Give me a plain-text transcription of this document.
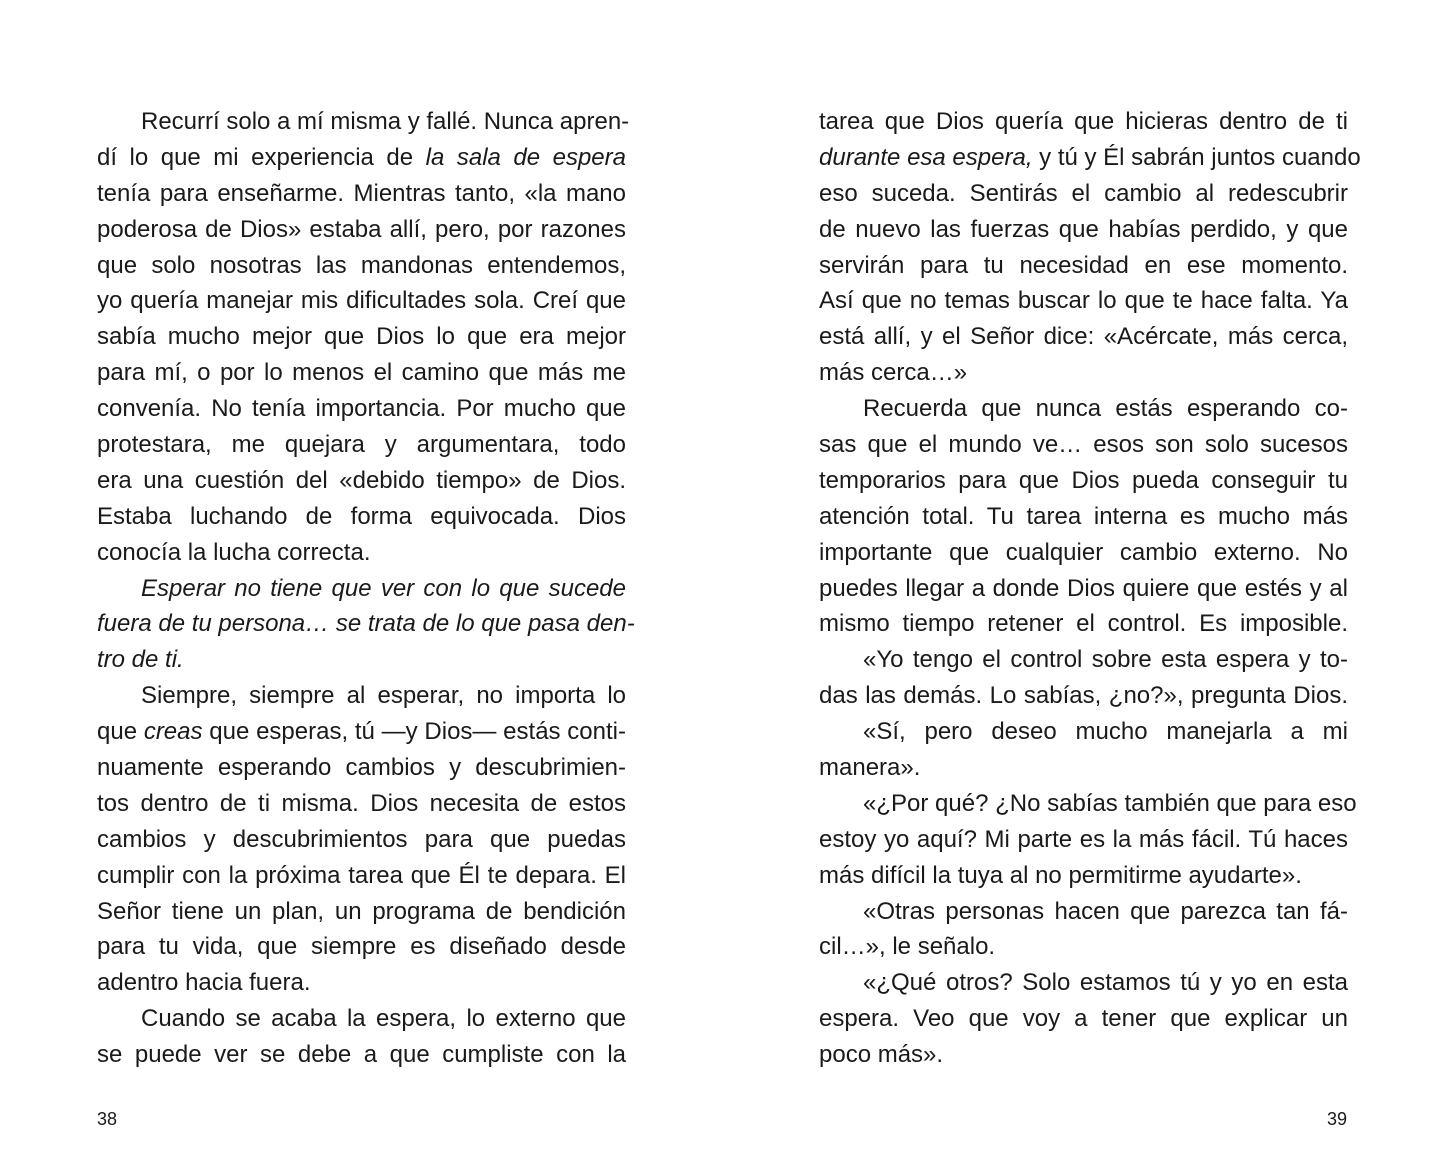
Recurrí solo a mí misma y fallé. Nunca apren-
dí lo que mi experiencia de la sala de espera
tenía para enseñarme. Mientras tanto, «la mano
poderosa de Dios» estaba allí, pero, por razones
que solo nosotras las mandonas entendemos,
yo quería manejar mis dificultades sola. Creí que
sabía mucho mejor que Dios lo que era mejor
para mí, o por lo menos el camino que más me
convenía. No tenía importancia. Por mucho que
protestara, me quejara y argumentara, todo
era una cuestión del «debido tiempo» de Dios.
Estaba luchando de forma equivocada. Dios
conocía la lucha correcta.
Esperar no tiene que ver con lo que sucede
fuera de tu persona… se trata de lo que pasa den-
tro de ti.
Siempre, siempre al esperar, no importa lo
que creas que esperas, tú —y Dios— estás conti-
nuamente esperando cambios y descubrimien-
tos dentro de ti misma. Dios necesita de estos
cambios y descubrimientos para que puedas
cumplir con la próxima tarea que Él te depara. El
Señor tiene un plan, un programa de bendición
para tu vida, que siempre es diseñado desde
adentro hacia fuera.
Cuando se acaba la espera, lo externo que
se puede ver se debe a que cumpliste con la
tarea que Dios quería que hicieras dentro de ti
durante esa espera, y tú y Él sabrán juntos cuando
eso suceda. Sentirás el cambio al redescubrir
de nuevo las fuerzas que habías perdido, y que
servirán para tu necesidad en ese momento.
Así que no temas buscar lo que te hace falta. Ya
está allí, y el Señor dice: «Acércate, más cerca,
más cerca…»
Recuerda que nunca estás esperando co-
sas que el mundo ve… esos son solo sucesos
temporarios para que Dios pueda conseguir tu
atención total. Tu tarea interna es mucho más
importante que cualquier cambio externo. No
puedes llegar a donde Dios quiere que estés y al
mismo tiempo retener el control. Es imposible.
«Yo tengo el control sobre esta espera y to-
das las demás. Lo sabías, ¿no?», pregunta Dios.
«Sí, pero deseo mucho manejarla a mi
manera».
«¿Por qué? ¿No sabías también que para eso
estoy yo aquí? Mi parte es la más fácil. Tú haces
más difícil la tuya al no permitirme ayudarte».
«Otras personas hacen que parezca tan fá-
cil…», le señalo.
«¿Qué otros? Solo estamos tú y yo en esta
espera. Veo que voy a tener que explicar un
poco más».
38	39
